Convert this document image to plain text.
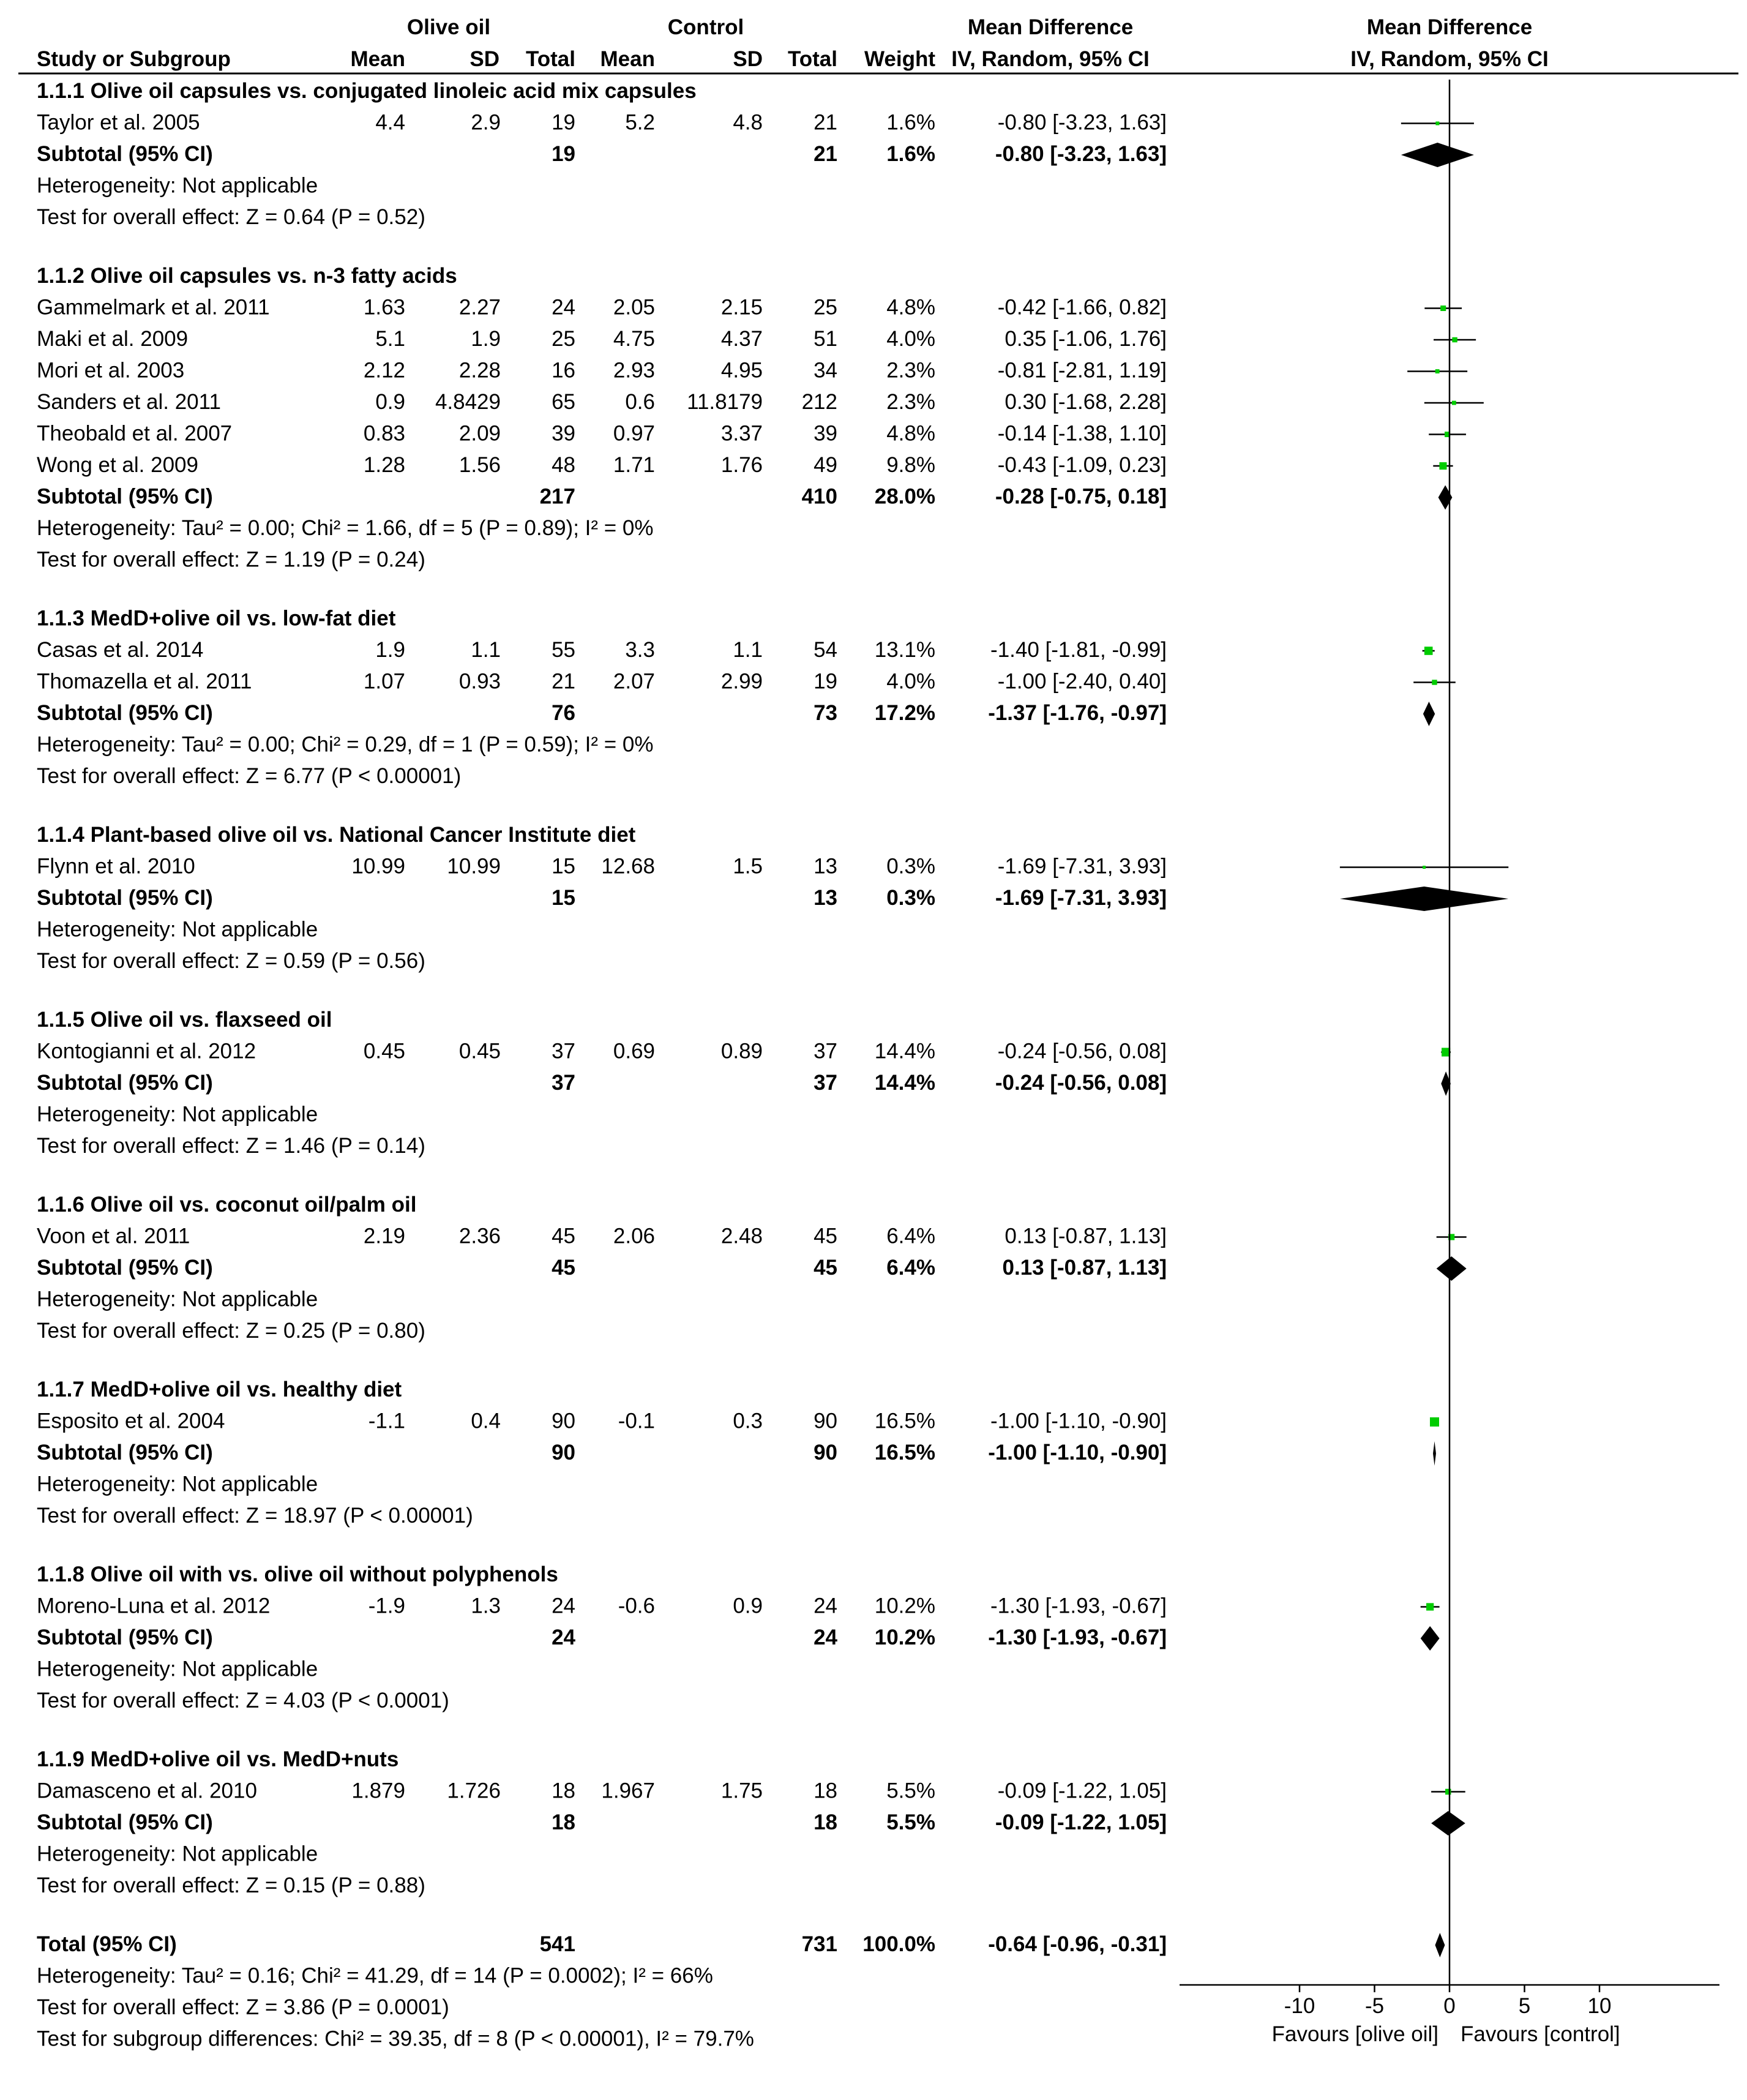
Olive oil	Control	Mean Difference	Mean Difference
Study or Subgroup	Mean	SD Total Mean	SD Total Weight IV, Random, 95% CI	IV, Random, 95% CI
1.1.1 Olive oil capsules vs. conjugated linoleic acid mix capsules
Taylor et al. 2005	4.4	2.9 19 5.2	4.8 21 1.6%	-0.80 [-3.23, 1.63]
Subtotal (95% CI)	19	21 1.6%	-0.80 [-3.23, 1.63]
Heterogeneity: Not applicable
Test for overall effect: Z = 0.64 (P = 0.52)
1.1.2 Olive oil capsules vs. n-3 fatty acids
Gammelmark et al. 2011	1.63	2.27 24 2.05	2.15 25 4.8%	-0.42 [-1.66, 0.82]
Maki et al. 2009	5.1	1.9 25 4.75	4.37 51 4.0%	0.35 [-1.06, 1.76]
Mori et al. 2003	2.12	2.28 16 2.93	4.95 34 2.3%	-0.81 [-2.81, 1.19]
Sanders et al. 2011	0.9 4.8429 65 0.6 11.8179 212 2.3%	0.30 [-1.68, 2.28]
Theobald et al. 2007	0.83	2.09 39 0.97	3.37 39 4.8%	-0.14 [-1.38, 1.10]
Wong et al. 2009	1.28	1.56 48 1.71	1.76 49 9.8%	-0.43 [-1.09, 0.23]
Subtotal (95% CI)	217	410 28.0%	-0.28 [-0.75, 0.18]
Heterogeneity: Tau² = 0.00; Chi² = 1.66, df = 5 (P = 0.89); I² = 0%
Test for overall effect: Z = 1.19 (P = 0.24)
1.1.3 MedD+olive oil vs. low-fat diet
Casas et al. 2014	1.9	1.1 55 3.3	1.1 54 13.1%	-1.40 [-1.81, -0.99]
Thomazella et al. 2011	1.07	0.93 21 2.07	2.99 19 4.0%	-1.00 [-2.40, 0.40]
Subtotal (95% CI)	76	73 17.2% -1.37 [-1.76, -0.97]
Heterogeneity: Tau² = 0.00; Chi² = 0.29, df = 1 (P = 0.59); I² = 0%
Test for overall effect: Z = 6.77 (P < 0.00001)
1.1.4 Plant-based olive oil vs. National Cancer Institute diet
Flynn et al. 2010	10.99 10.99 15 12.68	1.5 13 0.3%	-1.69 [-7.31, 3.93]
Subtotal (95% CI)	15	13 0.3%	-1.69 [-7.31, 3.93]
Heterogeneity: Not applicable
Test for overall effect: Z = 0.59 (P = 0.56)
1.1.5 Olive oil vs. flaxseed oil
Kontogianni et al. 2012	0.45	0.45 37 0.69	0.89 37 14.4%	-0.24 [-0.56, 0.08]
Subtotal (95% CI)	37	37 14.4%	-0.24 [-0.56, 0.08]
Heterogeneity: Not applicable
Test for overall effect: Z = 1.46 (P = 0.14)
1.1.6 Olive oil vs. coconut oil/palm oil
Voon et al. 2011	2.19	2.36 45 2.06	2.48 45 6.4%	0.13 [-0.87, 1.13]
Subtotal (95% CI)	45	45 6.4%	0.13 [-0.87, 1.13]
Heterogeneity: Not applicable
Test for overall effect: Z = 0.25 (P = 0.80)
1.1.7 MedD+olive oil vs. healthy diet
Esposito et al. 2004	-1.1	0.4 90 -0.1	0.3 90 16.5%	-1.00 [-1.10, -0.90]
Subtotal (95% CI)	90	90 16.5% -1.00 [-1.10, -0.90]
Heterogeneity: Not applicable
Test for overall effect: Z = 18.97 (P < 0.00001)
1.1.8 Olive oil with vs. olive oil without polyphenols
Moreno-Luna et al. 2012	-1.9	1.3 24 -0.6	0.9 24 10.2%	-1.30 [-1.93, -0.67]
Subtotal (95% CI)	24	24 10.2% -1.30 [-1.93, -0.67]
Heterogeneity: Not applicable
Test for overall effect: Z = 4.03 (P < 0.0001)
1.1.9 MedD+olive oil vs. MedD+nuts
Damasceno et al. 2010	1.879 1.726 18 1.967	1.75 18 5.5%	-0.09 [-1.22, 1.05]
Subtotal (95% CI)	18	18 5.5%	-0.09 [-1.22, 1.05]
Heterogeneity: Not applicable
Test for overall effect: Z = 0.15 (P = 0.88)
Total (95% CI)	541	731 100.0% -0.64 [-0.96, -0.31]
Heterogeneity: Tau² = 0.16; Chi² = 41.29, df = 14 (P = 0.0002); I² = 66%
Test for overall effect: Z = 3.86 (P = 0.0001)
Test for subgroup differences: Chi² = 39.35, df = 8 (P < 0.00001), I² = 79.7%
-10 -5	0	5	10
Favours [olive oil] Favours [control]
